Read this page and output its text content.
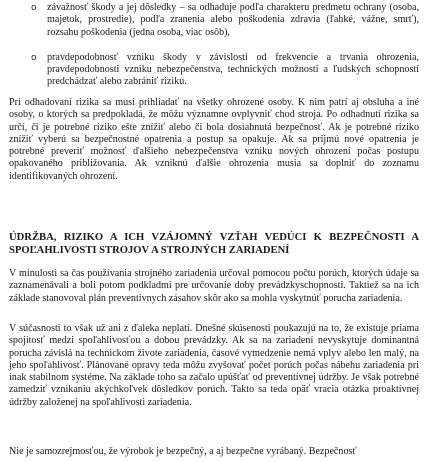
o	závažnosť škody a jej dôsledky – sa odhaduje podľa charakteru predmetu ochrany (osoba, majetok, prostredie), podľa zranenia alebo poškodenia zdravia (ľahké, vážne, smrť), rozsahu poškodenia (jedna osoba, viac osôb),
o	pravdepodobnosť vzniku škody v závislosti od frekvencie a trvania ohrozenia, pravdepodobnosti vzniku nebezpečenstva, technických možností a ľudských schopností predchádzať alebo zabrániť riziku.

Pri odhadovaní rizika sa musí prihliadať na všetky ohrozené osoby. K nim patrí aj obsluha a iné osoby, o ktorých sa predpokladá, že môžu významne ovplyvniť chod stroja. Po odhadnutí rizika sa určí, či je potrebné riziko ešte znížiť alebo či bola dosiahnutá bezpečnosť. Ak je potrebné riziko znížiť vyberú sa bezpečnostné opatrenia a postup sa opakuje. Ak sa prijmú nové opatrenia je potrebné preveriť možnosť ďalšieho nebezpečenstva vzniku nových ohrození počas postupu opakovaného približovania. Ak vzniknú ďalšie ohrozenia musia sa doplniť do zoznamu identifikovaných ohrození.

ÚDRŽBA, RIZIKO A ICH VZÁJOMNÝ VZŤAH VEDÚCI K BEZPEČNOSTI A SPOĽAHLIVOSTI STROJOV A STROJNÝCH ZARIADENÍ

V minulosti sa čas používania strojného zariadenia určoval pomocou počtu porúch, ktorých údaje sa zaznamenávali a boli potom podkladmi pre určovanie doby prevádzkyschopnosti. Taktiež sa na ich základe stanovoval plán preventívnych zásahov skôr ako sa mohla vyskytnúť porucha zariadenia.

V súčasnosti to však už ani z ďaleka neplatí. Dnešné skúsenosti poukazujú na to, že existuje priama spojitosť medzi spoľahlivosťou a dobou prevádzky. Ak sa na zariadení nevyskytuje dominantná porucha závislá na technickom živote zariadenia, časové vymedzenie nemá vplyv alebo len malý, na jeho spoľahlivosť. Plánované opravy teda môžu zvyšovať počet porúch počas nábehu zariadenia pri inak stabilnom systéme. Na základe toho sa začalo upúšťať od preventívnej údržby. Je však potrebné zamedziť vznikaniu akýchkoľvek dôsledkov porúch. Takto sa teda opäť vracia otázka proaktívnej údržby založenej na spoľahlivosti zariadenia.

Nie je samozrejmosťou, že výrobok je bezpečný, a aj bezpečne vyrábaný. Bezpečnosť
